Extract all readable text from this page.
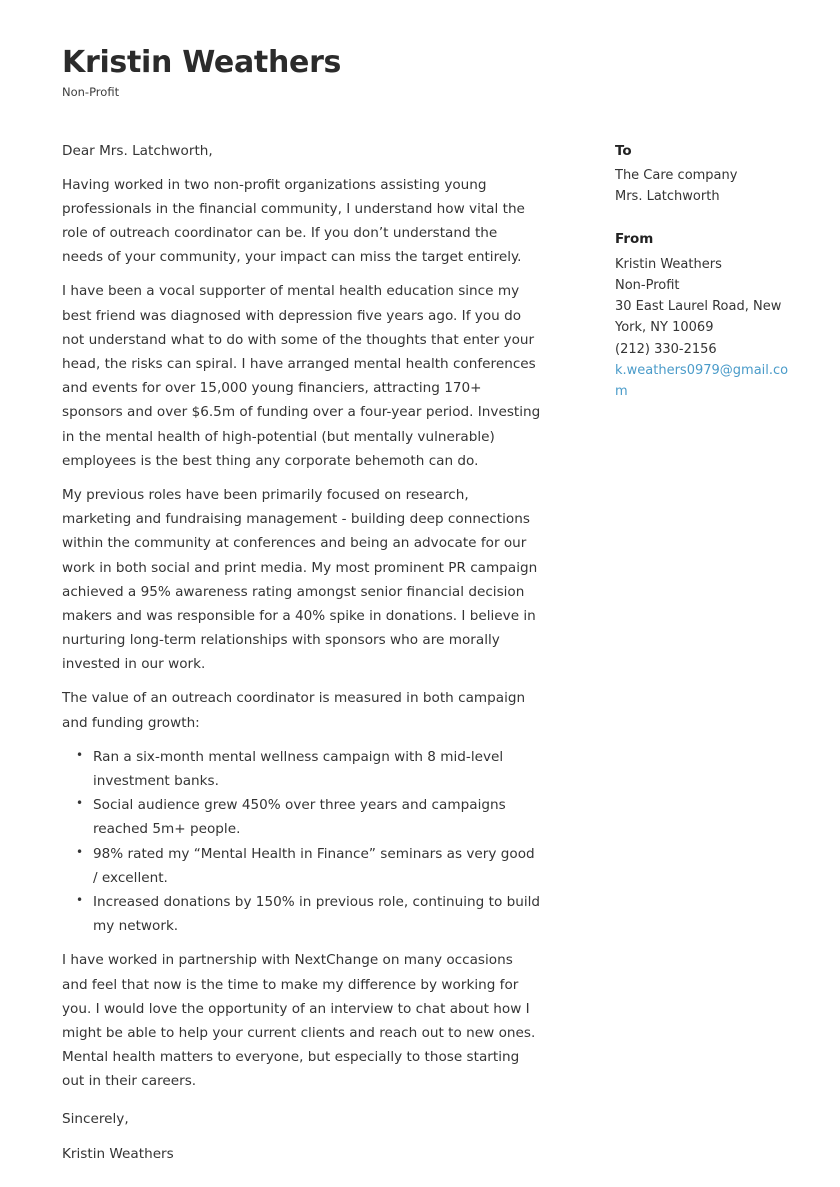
Kristin Weathers
Non-Profit

Dear Mrs. Latchworth,

Having worked in two non-profit organizations assisting young professionals in the financial community, I understand how vital the role of outreach coordinator can be. If you don’t understand the needs of your community, your impact can miss the target entirely.

I have been a vocal supporter of mental health education since my best friend was diagnosed with depression five years ago. If you do not understand what to do with some of the thoughts that enter your head, the risks can spiral. I have arranged mental health conferences and events for over 15,000 young financiers, attracting 170+ sponsors and over $6.5m of funding over a four-year period. Investing in the mental health of high-potential (but mentally vulnerable) employees is the best thing any corporate behemoth can do.

My previous roles have been primarily focused on research, marketing and fundraising management - building deep connections within the community at conferences and being an advocate for our work in both social and print media. My most prominent PR campaign achieved a 95% awareness rating amongst senior financial decision makers and was responsible for a 40% spike in donations. I believe in nurturing long-term relationships with sponsors who are morally invested in our work.

The value of an outreach coordinator is measured in both campaign and funding growth:

• Ran a six-month mental wellness campaign with 8 mid-level investment banks.
• Social audience grew 450% over three years and campaigns reached 5m+ people.
• 98% rated my “Mental Health in Finance” seminars as very good / excellent.
• Increased donations by 150% in previous role, continuing to build my network.

I have worked in partnership with NextChange on many occasions and feel that now is the time to make my difference by working for you. I would love the opportunity of an interview to chat about how I might be able to help your current clients and reach out to new ones. Mental health matters to everyone, but especially to those starting out in their careers.

Sincerely,

Kristin Weathers

To
The Care company
Mrs. Latchworth
From
Kristin Weathers
Non-Profit
30 East Laurel Road, New York, NY 10069
(212) 330-2156
k.weathers0979@gmail.com
